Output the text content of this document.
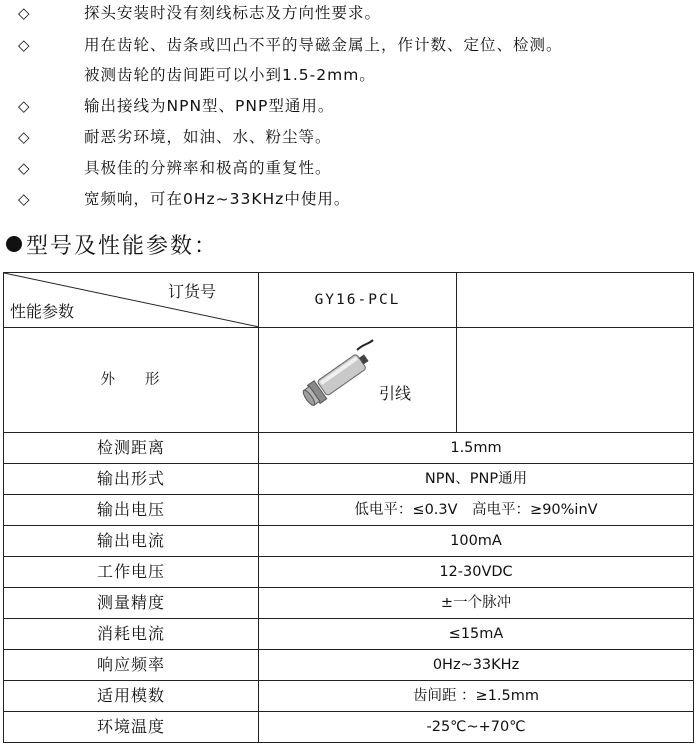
◇	探头安装时没有刻线标志及方向性要求。
◇	用在齿轮、齿条或凹凸不平的导磁金属上，作计数、定位、检测。
被测齿轮的齿间距可以小到1.5-2mm。
◇	输出接线为NPN型、PNP型通用。
◇	耐恶劣环境，如油、水、粉尘等。
◇	具极佳的分辨率和极高的重复性。
◇	宽频响，可在0Hz~33KHz中使用。
型号及性能参数：
订货号
性能参数	GY16-PCL	
外 形	引线	

检测距离	1.5mm	
输出形式	NPN、PNP通用	
输出电压	低电平：≤0.3V　高电平：≥90%inV	
输出电流	100mA	
工作电压	12-30VDC	
测量精度	±一个脉冲	
消耗电流	≤15mA	
响应频率	0Hz~33KHz	
适用模数	齿间距 ：≥1.5mm	
环境温度	-25℃~+70℃	
